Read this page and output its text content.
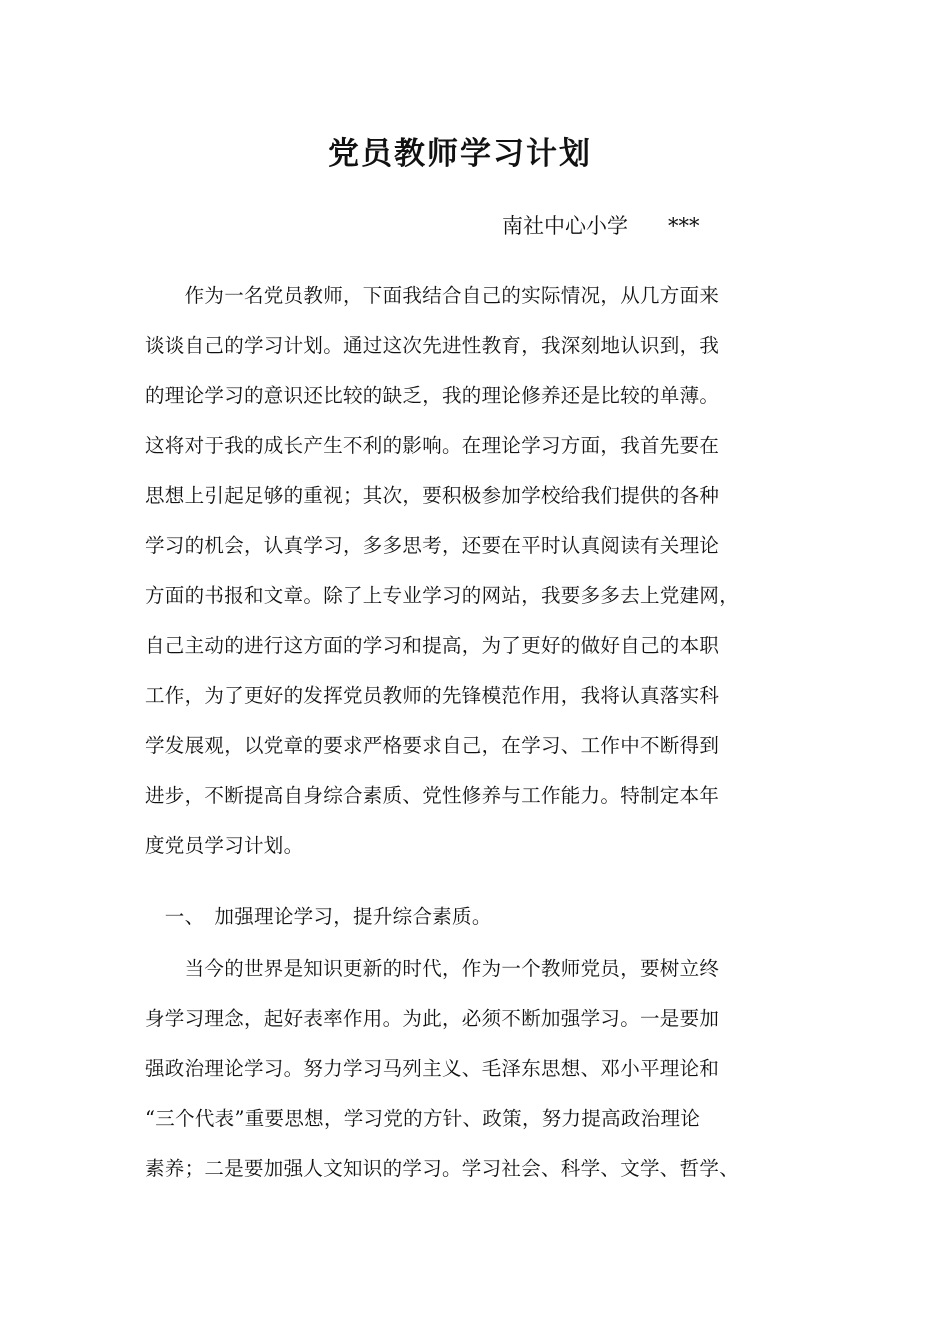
党员教师学习计划
南社中心小学 ***
　　作为一名党员教师，下面我结合自己的实际情况，从几方面来
谈谈自己的学习计划。通过这次先进性教育，我深刻地认识到，我
的理论学习的意识还比较的缺乏，我的理论修养还是比较的单薄。
这将对于我的成长产生不利的影响。在理论学习方面，我首先要在
思想上引起足够的重视；其次，要积极参加学校给我们提供的各种
学习的机会，认真学习，多多思考，还要在平时认真阅读有关理论
方面的书报和文章。除了上专业学习的网站，我要多多去上党建网，
自己主动的进行这方面的学习和提高，为了更好的做好自己的本职
工作，为了更好的发挥党员教师的先锋模范作用，我将认真落实科
学发展观，以党章的要求严格要求自己，在学习、工作中不断得到
进步，不断提高自身综合素质、党性修养与工作能力。特制定本年
度党员学习计划。
　一、　加强理论学习，提升综合素质。
　　当今的世界是知识更新的时代，作为一个教师党员，要树立终
身学习理念，起好表率作用。为此，必须不断加强学习。一是要加
强政治理论学习。努力学习马列主义、毛泽东思想、邓小平理论和
“三个代表”重要思想，学习党的方针、政策，努力提高政治理论
素养；二是要加强人文知识的学习。学习社会、科学、文学、哲学、
